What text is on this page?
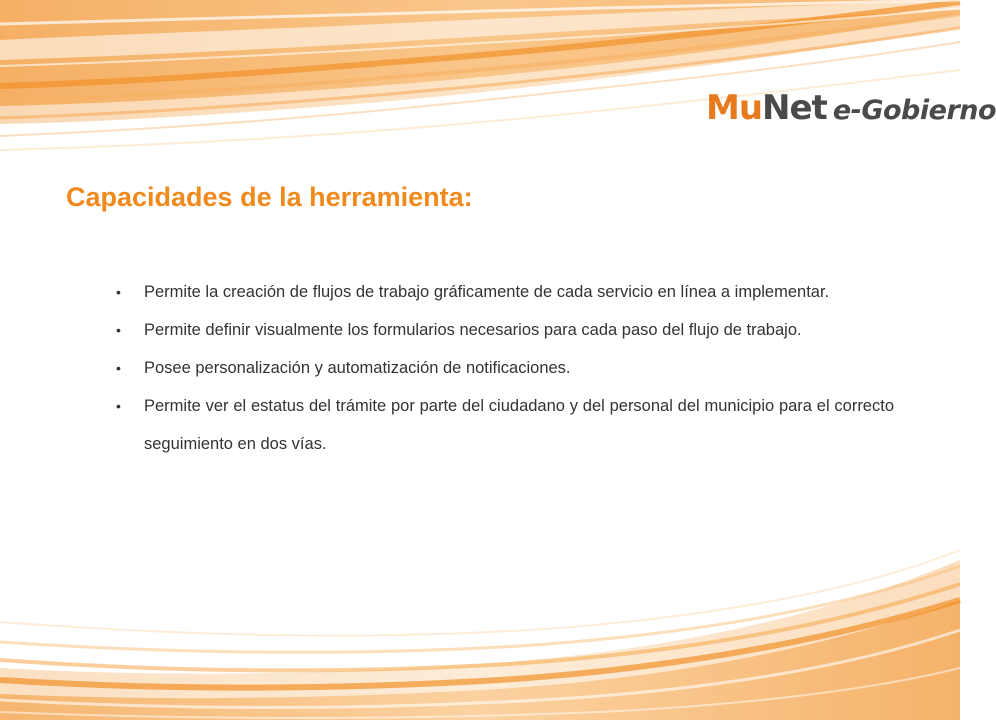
MuNet e-Gobierno
Capacidades de la herramienta:
• Permite la creación de flujos de trabajo gráficamente de cada servicio en línea a implementar.
• Permite definir visualmente los formularios necesarios para cada paso del flujo de trabajo.
• Posee personalización y automatización de notificaciones.
• Permite ver el estatus del trámite por parte del ciudadano y del personal del municipio para el correcto seguimiento en dos vías.
